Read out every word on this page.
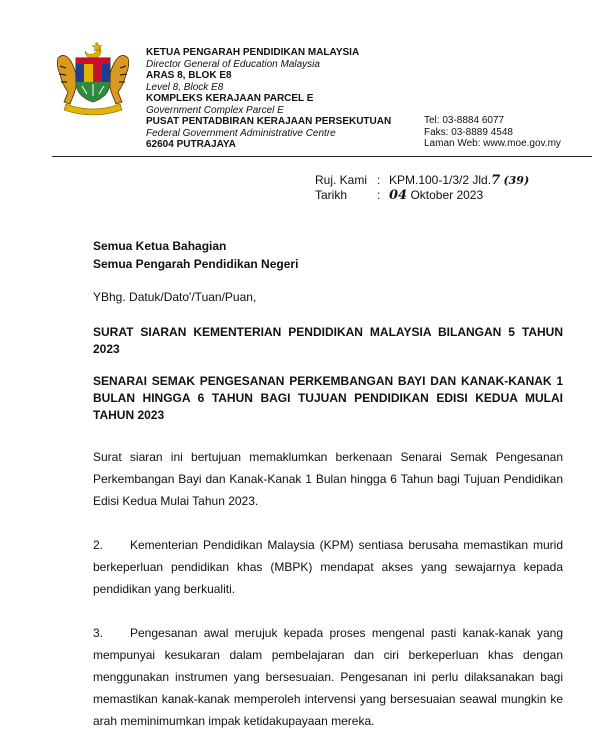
KETUA PENGARAH PENDIDIKAN MALAYSIA
Director General of Education Malaysia
ARAS 8, BLOK E8
Level 8, Block E8
KOMPLEKS KERAJAAN PARCEL E
Government Complex Parcel E
PUSAT PENTADBIRAN KERAJAAN PERSEKUTUAN
Federal Government Administrative Centre
62604 PUTRAJAYA
Tel: 03-8884 6077
Faks: 03-8889 4548
Laman Web: www.moe.gov.my
Ruj. Kami : KPM.100-1/3/2 Jld.7 (39)
Tarikh : 04 Oktober 2023
Semua Ketua Bahagian
Semua Pengarah Pendidikan Negeri
YBhg. Datuk/Dato'/Tuan/Puan,
SURAT SIARAN KEMENTERIAN PENDIDIKAN MALAYSIA BILANGAN 5 TAHUN 2023
SENARAI SEMAK PENGESANAN PERKEMBANGAN BAYI DAN KANAK-KANAK 1 BULAN HINGGA 6 TAHUN BAGI TUJUAN PENDIDIKAN EDISI KEDUA MULAI TAHUN 2023
Surat siaran ini bertujuan memaklumkan berkenaan Senarai Semak Pengesanan Perkembangan Bayi dan Kanak-Kanak 1 Bulan hingga 6 Tahun bagi Tujuan Pendidikan Edisi Kedua Mulai Tahun 2023.
2. Kementerian Pendidikan Malaysia (KPM) sentiasa berusaha memastikan murid berkeperluan pendidikan khas (MBPK) mendapat akses yang sewajarnya kepada pendidikan yang berkualiti.
3. Pengesanan awal merujuk kepada proses mengenal pasti kanak-kanak yang mempunyai kesukaran dalam pembelajaran dan ciri berkeperluan khas dengan menggunakan instrumen yang bersesuaian. Pengesanan ini perlu dilaksanakan bagi memastikan kanak-kanak memperoleh intervensi yang bersesuaian seawal mungkin ke arah meminimumkan impak ketidakupayaan mereka.
